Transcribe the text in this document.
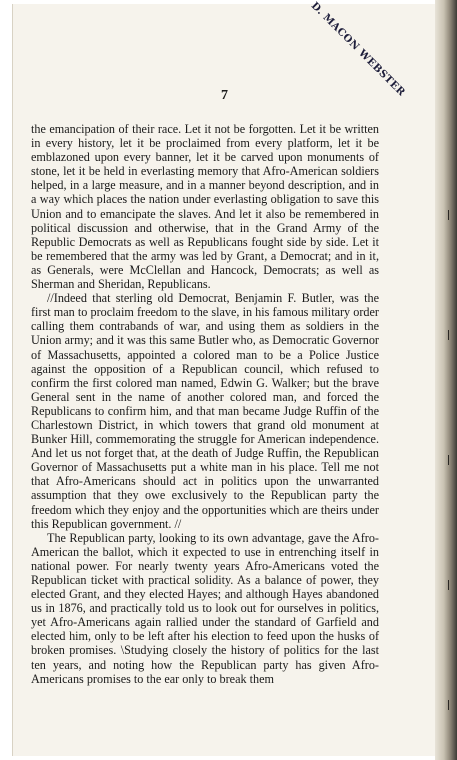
D. MACON WEBSTER
7

the emancipation of their race. Let it not be forgotten. Let it be written in every history, let it be proclaimed from every platform, let it be emblazoned upon every banner, let it be carved upon monuments of stone, let it be held in everlasting memory that Afro-American soldiers helped, in a large measure, and in a manner beyond description, and in a way which places the nation under everlasting obligation to save this Union and to emancipate the slaves. And let it also be remembered in political discussion and otherwise, that in the Grand Army of the Republic Democrats as well as Republicans fought side by side. Let it be remembered that the army was led by Grant, a Democrat; and in it, as Generals, were McClellan and Hancock, Democrats; as well as Sherman and Sheridan, Republicans.

//Indeed that sterling old Democrat, Benjamin F. Butler, was the first man to proclaim freedom to the slave, in his famous military order calling them contrabands of war, and using them as soldiers in the Union army; and it was this same Butler who, as Democratic Governor of Massachusetts, appointed a colored man to be a Police Justice against the opposition of a Republican council, which refused to confirm the first colored man named, Edwin G. Walker; but the brave General sent in the name of another colored man, and forced the Republicans to confirm him, and that man became Judge Ruffin of the Charlestown District, in which towers that grand old monument at Bunker Hill, commemorating the struggle for American independence. And let us not forget that, at the death of Judge Ruffin, the Republican Governor of Massachusetts put a white man in his place. Tell me not that Afro-Americans should act in politics upon the unwarranted assumption that they owe exclusively to the Republican party the freedom which they enjoy and the opportunities which are theirs under this Republican government. //

The Republican party, looking to its own advantage, gave the Afro-American the ballot, which it expected to use in entrenching itself in national power. For nearly twenty years Afro-Americans voted the Republican ticket with practical solidity. As a balance of power, they elected Grant, and they elected Hayes; and although Hayes abandoned us in 1876, and practically told us to look out for ourselves in politics, yet Afro-Americans again rallied under the standard of Garfield and elected him, only to be left after his election to feed upon the husks of broken promises. \Studying closely the history of politics for the last ten years, and noting how the Republican party has given Afro-Americans promises to the ear only to break them
